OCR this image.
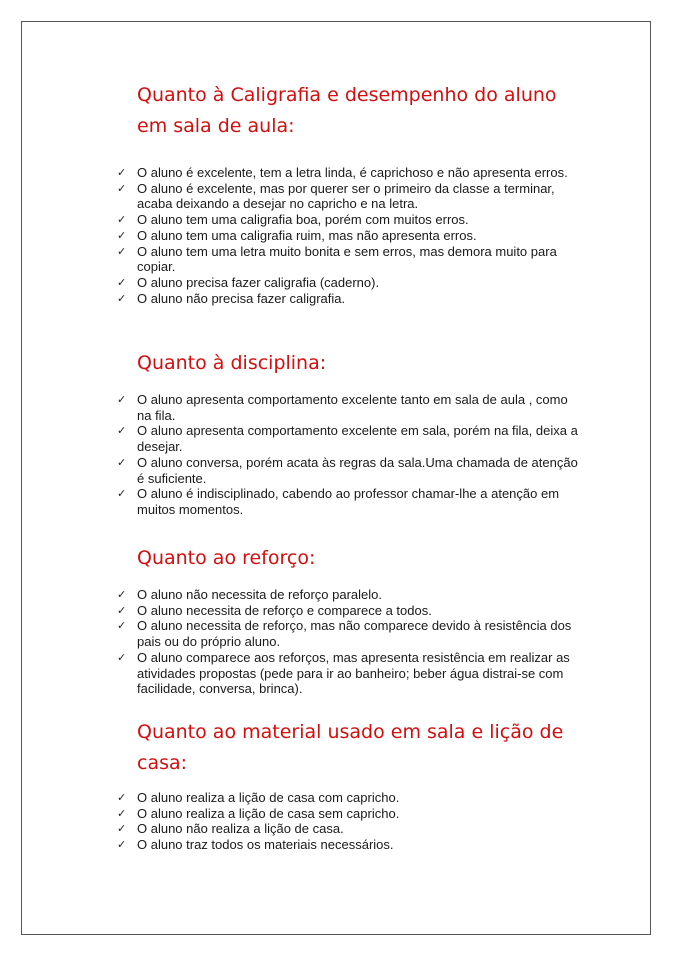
Quanto à Caligrafia e desempenho do aluno em sala de aula:
✓ O aluno é excelente, tem a letra linda, é caprichoso e não apresenta erros.
✓ O aluno é excelente, mas por querer ser o primeiro da classe a terminar, acaba deixando a desejar no capricho e na letra.
✓ O aluno tem uma caligrafia boa, porém com muitos erros.
✓ O aluno tem uma caligrafia ruim, mas não apresenta erros.
✓ O aluno tem uma letra muito bonita e sem erros, mas demora muito para copiar.
✓ O aluno precisa fazer caligrafia (caderno).
✓ O aluno não precisa fazer caligrafia.
Quanto à disciplina:
✓ O aluno apresenta comportamento excelente tanto em sala de aula , como na fila.
✓ O aluno apresenta comportamento excelente em sala, porém na fila, deixa a desejar.
✓ O aluno conversa, porém acata às regras da sala.Uma chamada de atenção é suficiente.
✓ O aluno é indisciplinado, cabendo ao professor chamar-lhe a atenção em muitos momentos.
Quanto ao reforço:
✓ O aluno não necessita de reforço paralelo.
✓ O aluno necessita de reforço e comparece a todos.
✓ O aluno necessita de reforço, mas não comparece devido à resistência dos pais ou do próprio aluno.
✓ O aluno comparece aos reforços, mas apresenta resistência em realizar as atividades propostas (pede para ir ao banheiro; beber água distrai-se com facilidade, conversa, brinca).
Quanto ao material usado em sala e lição de casa:
✓ O aluno realiza a lição de casa com capricho.
✓ O aluno realiza a lição de casa sem capricho.
✓ O aluno não realiza a lição de casa.
✓ O aluno traz todos os materiais necessários.
